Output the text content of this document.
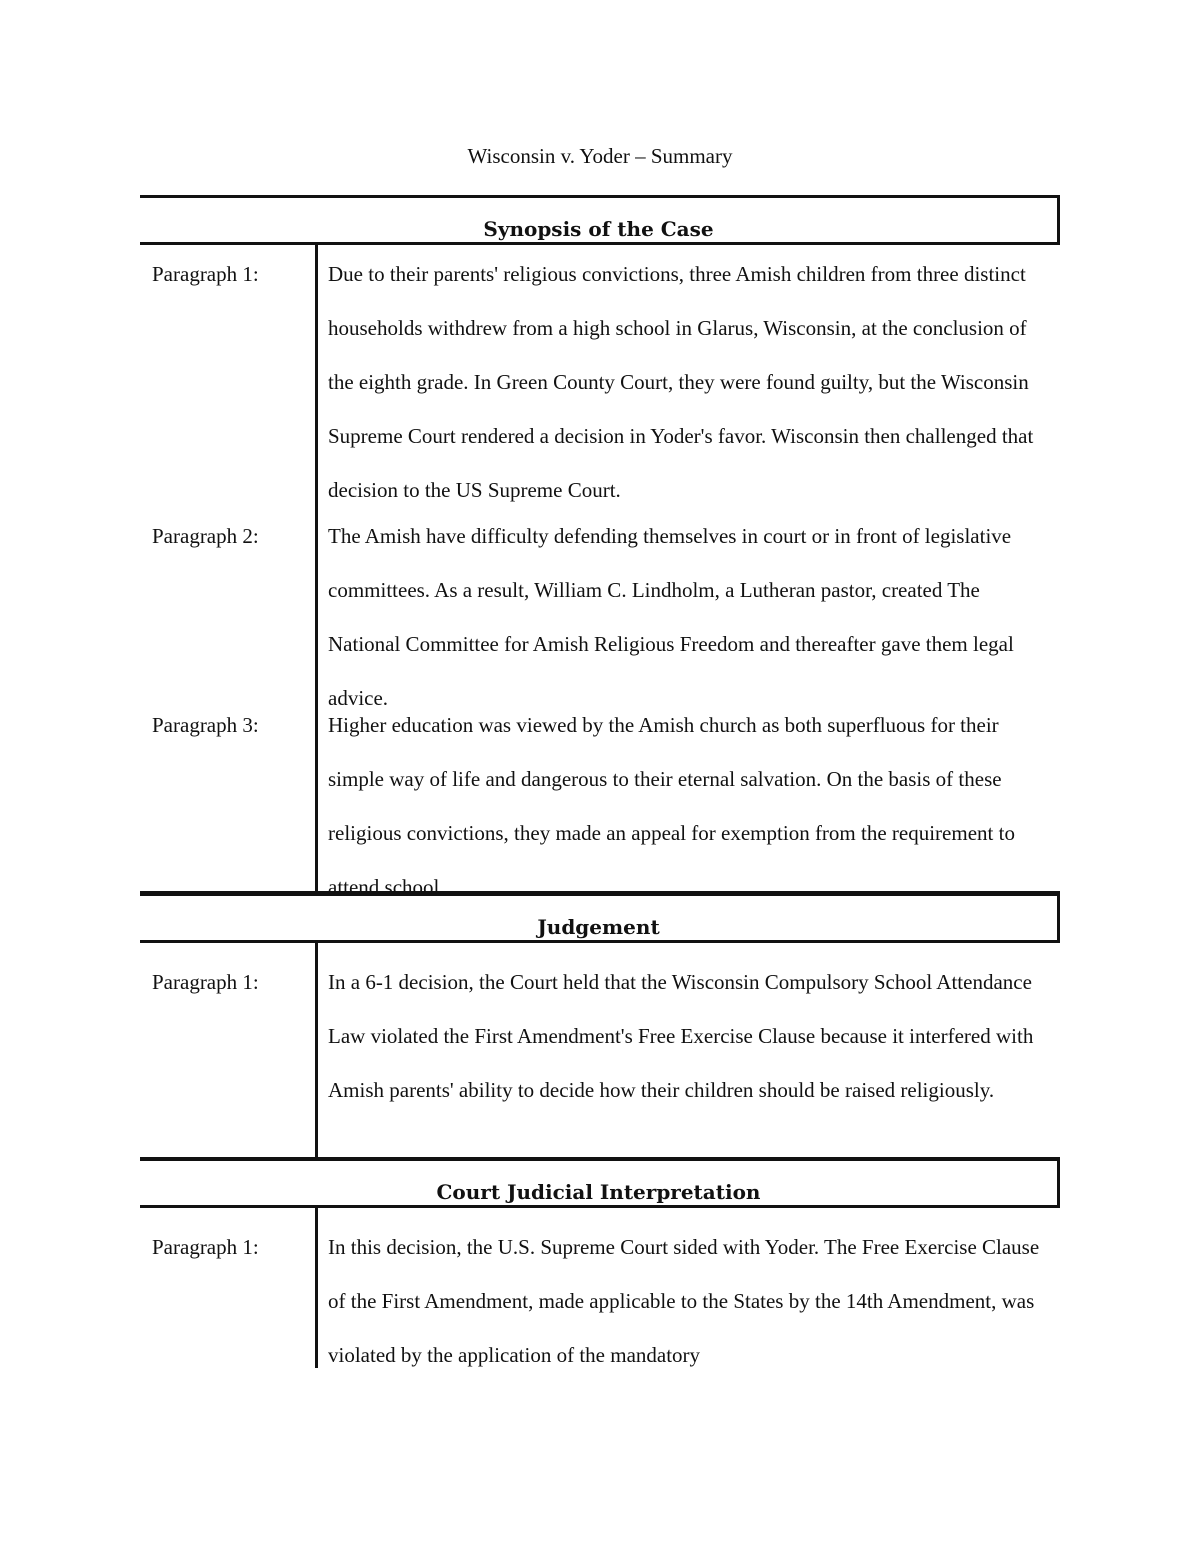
Wisconsin v. Yoder – Summary
Synopsis of the Case
Paragraph 1:	Due to their parents' religious convictions, three Amish children from three distinct households withdrew from a high school in Glarus, Wisconsin, at the conclusion of the eighth grade. In Green County Court, they were found guilty, but the Wisconsin Supreme Court rendered a decision in Yoder's favor. Wisconsin then challenged that decision to the US Supreme Court.
Paragraph 2:	The Amish have difficulty defending themselves in court or in front of legislative committees. As a result, William C. Lindholm, a Lutheran pastor, created The National Committee for Amish Religious Freedom and thereafter gave them legal advice.
Paragraph 3:	Higher education was viewed by the Amish church as both superfluous for their simple way of life and dangerous to their eternal salvation. On the basis of these religious convictions, they made an appeal for exemption from the requirement to attend school.
Judgement
Paragraph 1:	In a 6-1 decision, the Court held that the Wisconsin Compulsory School Attendance Law violated the First Amendment's Free Exercise Clause because it interfered with Amish parents' ability to decide how their children should be raised religiously.
Court Judicial Interpretation
Paragraph 1:	In this decision, the U.S. Supreme Court sided with Yoder. The Free Exercise Clause of the First Amendment, made applicable to the States by the 14th Amendment, was violated by the application of the mandatory
